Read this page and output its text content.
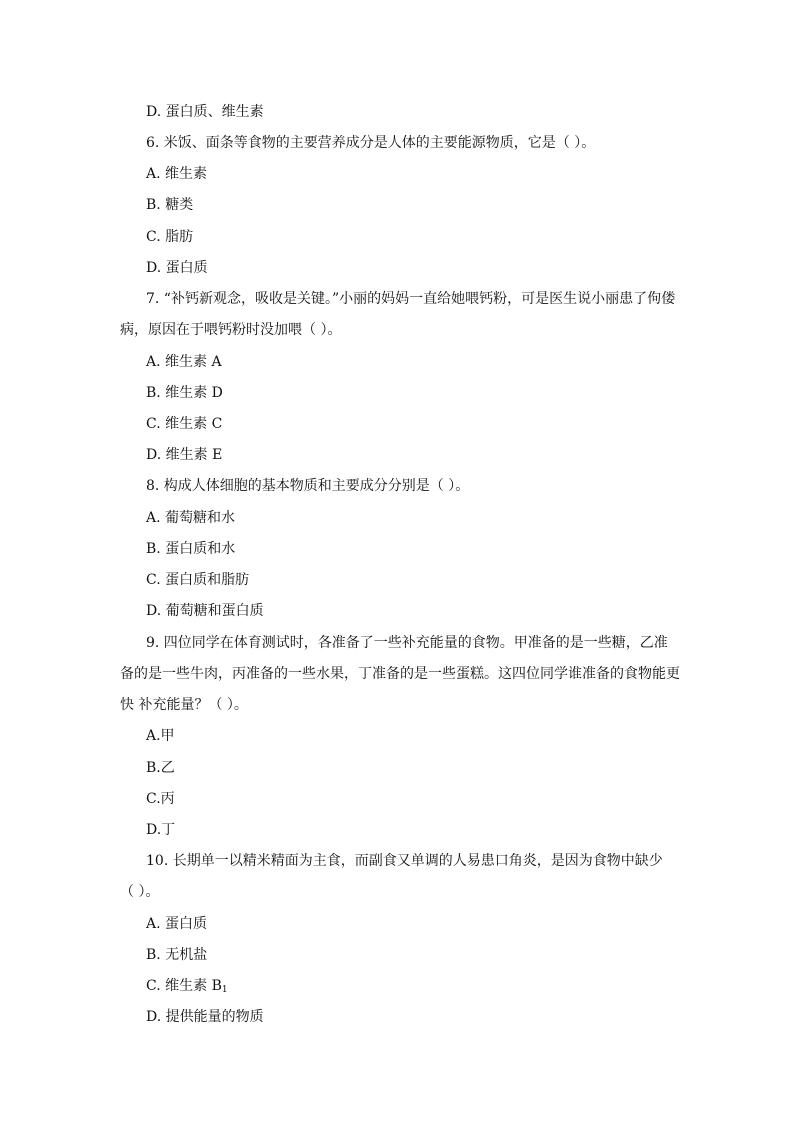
D. 蛋白质、维生素
6. 米饭、面条等食物的主要营养成分是人体的主要能源物质，它是（ ）。
A. 维生素
B. 糖类
C. 脂肪
D. 蛋白质
7. “补钙新观念，吸收是关键。”小丽的妈妈一直给她喂钙粉，可是医生说小丽患了佝偻
病，原因在于喂钙粉时没加喂（ ）。
A. 维生素 A
B. 维生素 D
C. 维生素 C
D. 维生素 E
8. 构成人体细胞的基本物质和主要成分分别是（ ）。
A. 葡萄糖和水
B. 蛋白质和水
C. 蛋白质和脂肪
D. 葡萄糖和蛋白质
9. 四位同学在体育测试时，各准备了一些补充能量的食物。甲准备的是一些糖，乙准
备的是一些牛肉，丙准备的一些水果，丁准备的是一些蛋糕。这四位同学谁准备的食物能更
快 补充能量？（ ）。
A.甲
B.乙
C.丙
D.丁
10. 长期单一以精米精面为主食，而副食又单调的人易患口角炎，是因为食物中缺少
（ ）。
A. 蛋白质
B. 无机盐
C. 维生素 $B_1$
D. 提供能量的物质
